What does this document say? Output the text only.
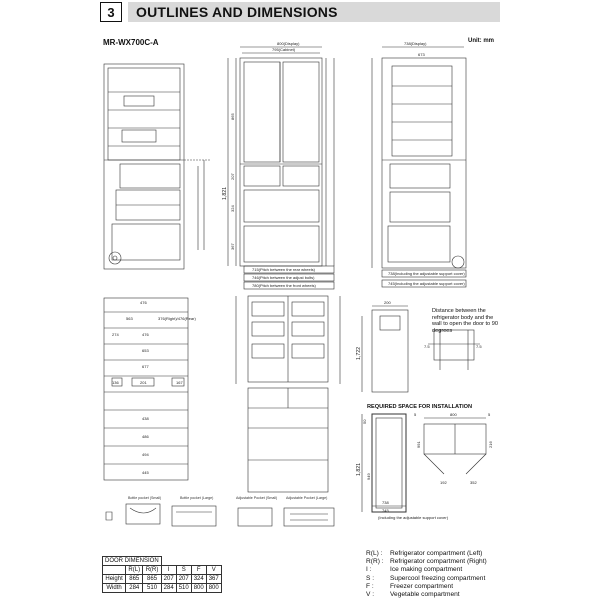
3	OUTLINES AND DIMENSIONS
MR-WX700C-A	Unit: mm
800(Display)
795(Cabinet)
1,821
865
207
324
367
715(Pitch between the rear wheels)
746(Pitch between the adjust bolts)
780(Pitch between the front wheels)
738(Display)
673
738(Including the adjustable support cover)
745(Including the adjustable support cover)
200
1,722
7.5	7.5
5	800	5
50
991	216
192	352
1,821
949
738
745
(Including the adjustable support cover)
476
563	376(Right)/476(Rear)
274	476
653
677
136	201	167
438
486
494
445
Bottle pocket (Small)	Bottle pocket (Large)	Adjustable Pocket (Small) Adjustable Pocket (Large)
Distance between the refrigerator body and the wall to open the door to 90 degrees
REQUIRED SPACE FOR INSTALLATION
DOOR DIMENSION						
	R(L)	R(R)	I	S	F	V
Height	865	865	207	207	324	367
Width	284	510	284	510	800	800
R(L) : Refrigerator compartment (Left)
R(R) : Refrigerator compartment (Right)
I :	Ice making compartment
S : Supercool freezing compartment
F : Freezer compartment
V : Vegetable compartment
